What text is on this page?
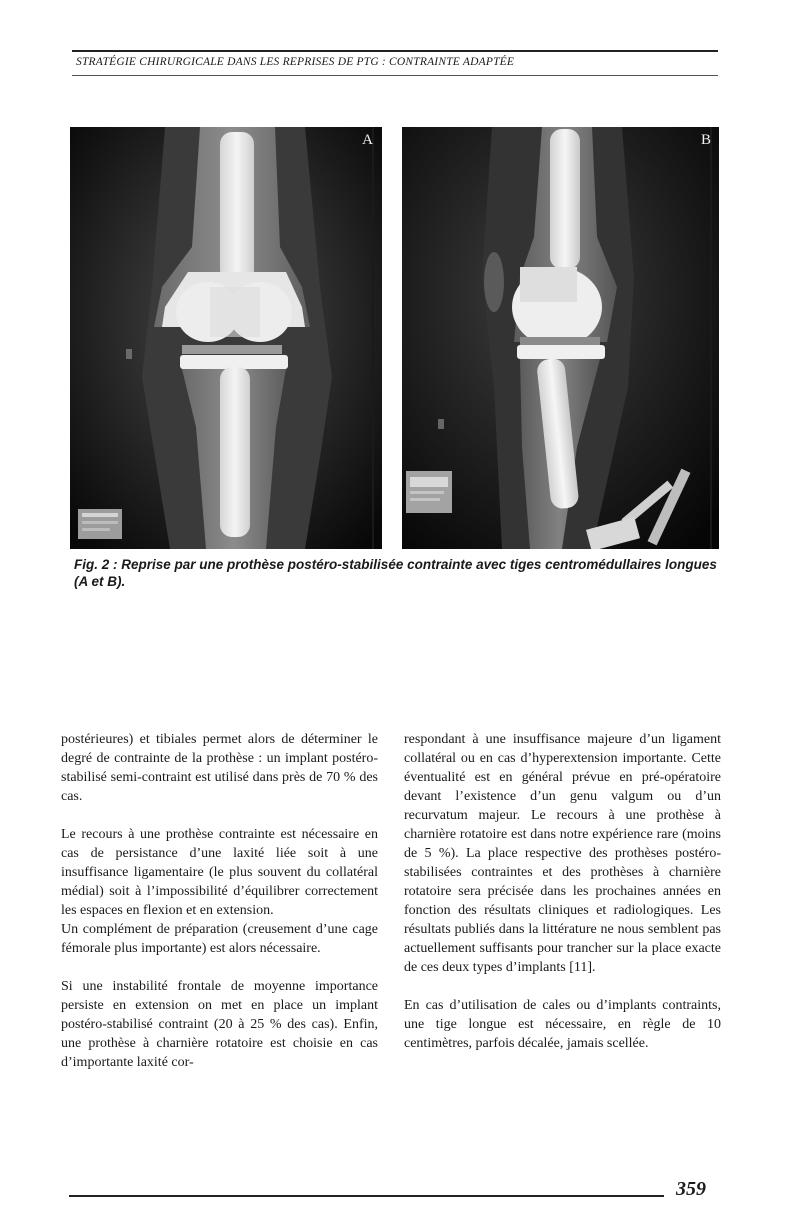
STRATÉGIE CHIRURGICALE DANS LES REPRISES DE PTG : CONTRAINTE ADAPTÉE
A	B
Fig. 2 : Reprise par une prothèse postéro-stabilisée contrainte avec tiges centromédullaires longues (A et B).

postérieures) et tibiales permet alors de déterminer le degré de contrainte de la prothèse : un implant postéro-stabilisé semi-contraint est utilisé dans près de 70 % des cas.

Le recours à une prothèse contrainte est nécessaire en cas de persistance d’une laxité liée soit à une insuffisance ligamentaire (le plus souvent du collatéral médial) soit à l’impossibilité d’équilibrer correctement les espaces en flexion et en extension.

Un complément de préparation (creusement d’une cage fémorale plus importante) est alors nécessaire.

Si une instabilité frontale de moyenne importance persiste en extension on met en place un implant postéro-stabilisé contraint (20 à 25 % des cas). Enfin, une prothèse à charnière rotatoire est choisie en cas d’importante laxité cor-

respondant à une insuffisance majeure d’un ligament collatéral ou en cas d’hyperextension importante. Cette éventualité est en général prévue en pré-opératoire devant l’existence d’un genu valgum ou d’un recurvatum majeur. Le recours à une prothèse à charnière rotatoire est dans notre expérience rare (moins de 5 %). La place respective des prothèses postéro-stabilisées contraintes et des prothèses à charnière rotatoire sera précisée dans les prochaines années en fonction des résultats cliniques et radiologiques. Les résultats publiés dans la littérature ne nous semblent pas actuellement suffisants pour trancher sur la place exacte de ces deux types d’implants [11].

En cas d’utilisation de cales ou d’implants contraints, une tige longue est nécessaire, en règle de 10 centimètres, parfois décalée, jamais scellée.

359
